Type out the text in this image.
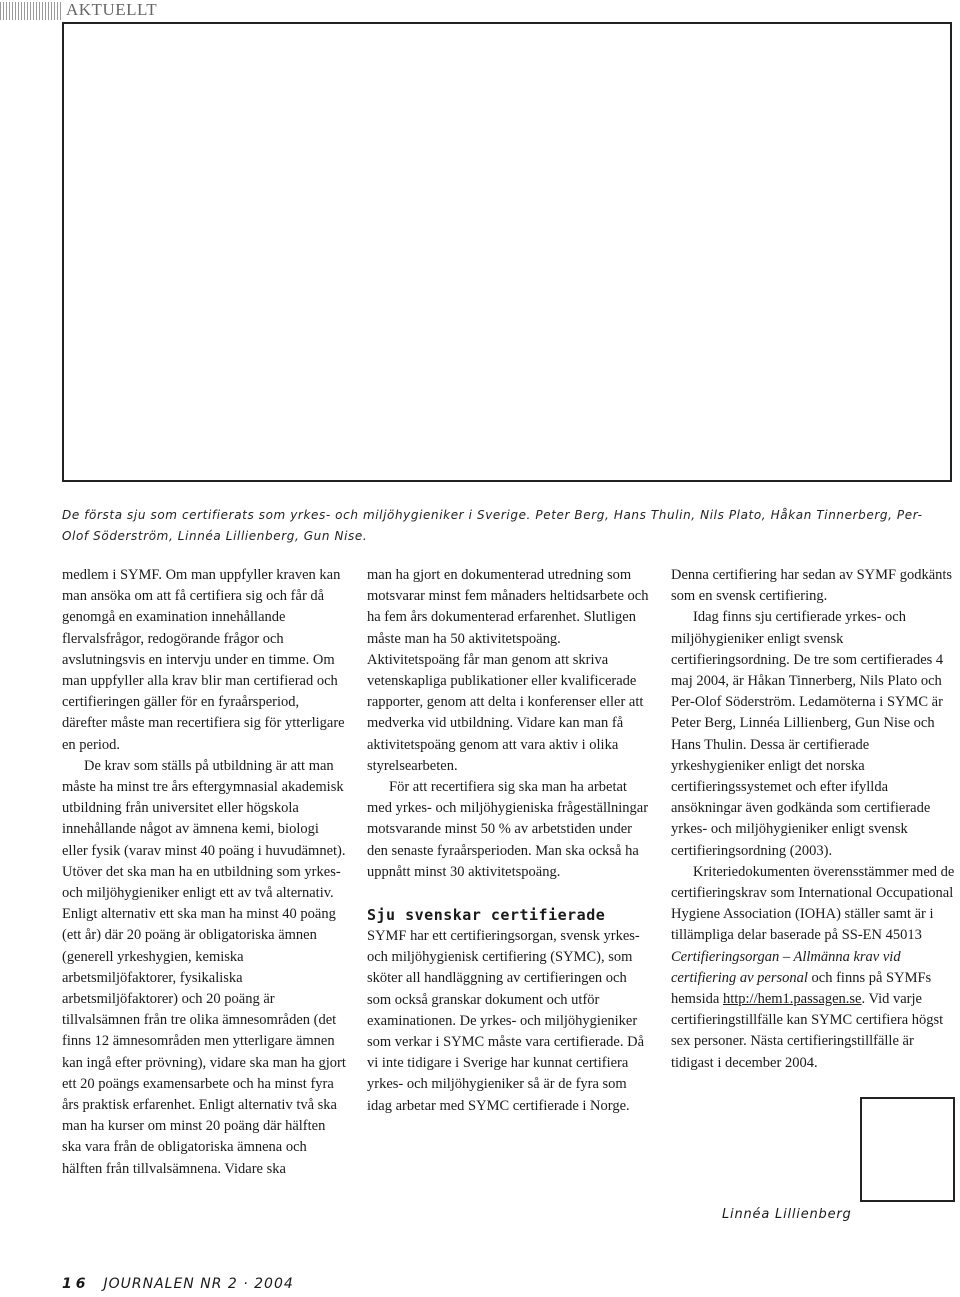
AKTUELLT
De första sju som certifierats som yrkes- och miljöhygieniker i Sverige. Peter Berg, Hans Thulin, Nils Plato, Håkan Tinnerberg, Per-Olof Söderström, Linnéa Lillienberg, Gun Nise.

medlem i SYMF. Om man uppfyller kraven kan man ansöka om att få certifiera sig och får då genomgå en examination innehållande flervalsfrågor, redogörande frågor och avslutningsvis en intervju under en timme. Om man uppfyller alla krav blir man certifierad och certifieringen gäller för en fyraårsperiod, därefter måste man recertifiera sig för ytterligare en period.

De krav som ställs på utbildning är att man måste ha minst tre års eftergymnasial akademisk utbildning från universitet eller högskola innehållande något av ämnena kemi, biologi eller fysik (varav minst 40 poäng i huvudämnet). Utöver det ska man ha en utbildning som yrkes- och miljöhygieniker enligt ett av två alternativ. Enligt alternativ ett ska man ha minst 40 poäng (ett år) där 20 poäng är obligatoriska ämnen (generell yrkeshygien, kemiska arbetsmiljöfaktorer, fysikaliska arbetsmiljöfaktorer) och 20 poäng är tillvalsämnen från tre olika ämnesområden (det finns 12 ämnesområden men ytterligare ämnen kan ingå efter prövning), vidare ska man ha gjort ett 20 poängs examensarbete och ha minst fyra års praktisk erfarenhet. Enligt alternativ två ska man ha kurser om minst 20 poäng där hälften ska vara från de obligatoriska ämnena och hälften från tillvalsämnena. Vidare ska

man ha gjort en dokumenterad utredning som motsvarar minst fem månaders heltidsarbete och ha fem års dokumenterad erfarenhet. Slutligen måste man ha 50 aktivitetspoäng. Aktivitetspoäng får man genom att skriva vetenskapliga publikationer eller kvalificerade rapporter, genom att delta i konferenser eller att medverka vid utbildning. Vidare kan man få aktivitetspoäng genom att vara aktiv i olika styrelsearbeten.

För att recertifiera sig ska man ha arbetat med yrkes- och miljöhygieniska frågeställningar motsvarande minst 50 % av arbetstiden under den senaste fyraårsperioden. Man ska också ha uppnått minst 30 aktivitetspoäng.

Sju svenskar certifierade

SYMF har ett certifieringsorgan, svensk yrkes- och miljöhygienisk certifiering (SYMC), som sköter all handläggning av certifieringen och som också granskar dokument och utför examinationen. De yrkes- och miljöhygieniker som verkar i SYMC måste vara certifierade. Då vi inte tidigare i Sverige har kunnat certifiera yrkes- och miljöhygieniker så är de fyra som idag arbetar med SYMC certifierade i Norge.

Denna certifiering har sedan av SYMF godkänts som en svensk certifiering.

Idag finns sju certifierade yrkes- och miljöhygieniker enligt svensk certifieringsordning. De tre som certifierades 4 maj 2004, är Håkan Tinnerberg, Nils Plato och Per-Olof Söderström. Ledamöterna i SYMC är Peter Berg, Linnéa Lillienberg, Gun Nise och Hans Thulin. Dessa är certifierade yrkeshygieniker enligt det norska certifieringssystemet och efter ifyllda ansökningar även godkända som certifierade yrkes- och miljöhygieniker enligt svensk certifieringsordning (2003).

Kriteriedokumenten överensstämmer med de certifieringskrav som International Occupational Hygiene Association (IOHA) ställer samt är i tillämpliga delar baserade på SS-EN 45013 Certifieringsorgan – Allmänna krav vid certifiering av personal och finns på SYMFs hemsida http://hem1.passagen.se. Vid varje certifieringstillfälle kan SYMC certifiera högst sex personer. Nästa certifieringstillfälle är tidigast i december 2004.

Linnéa Lillienberg
16 JOURNALEN NR 2 · 2004
